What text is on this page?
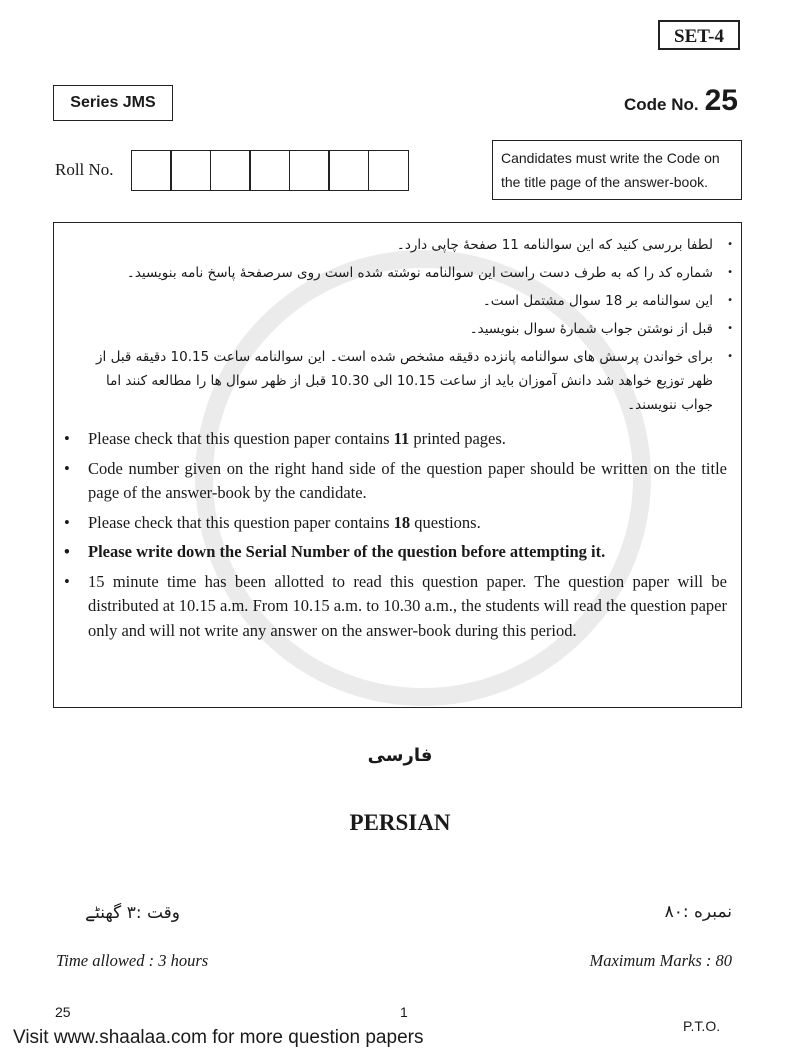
SET-4
Series JMS	Code No. 25
Roll No.
Candidates must write the Code on the title page of the answer-book.
لطفا بررسی کنید که این سوالنامه 11 صفحهٔ چاپی دارد۔ •
شماره کد را که به طرف دست راست این سوالنامه نوشته شده است روی سرصفحهٔ پاسخ نامه بنویسید۔ •
این سوالنامه بر 18 سوال مشتمل است۔ •
قبل از نوشتن جواب شمارهٔ سوال بنویسید۔ •
برای خواندن پرسش های سوالنامه پانزده دقیقه مشخص شده است۔ این سوالنامه ساعت 10.15 دقیقه قبل از ظهر توزیع خواهد شد دانش آموزان باید از ساعت 10.15 الی 10.30 قبل از ظهر سوال ها را مطالعه کنند اما جواب ننویسند۔ •
• Please check that this question paper contains 11 printed pages.
• Code number given on the right hand side of the question paper should be written on the title page of the answer-book by the candidate.
• Please check that this question paper contains 18 questions.
• Please write down the Serial Number of the question before attempting it.
• 15 minute time has been allotted to read this question paper. The question paper will be distributed at 10.15 a.m. From 10.15 a.m. to 10.30 a.m., the students will read the question paper only and will not write any answer on the answer-book during this period.
فارسی
PERSIAN
وقت :۳ گھنٹے	نمبره :۸۰
Time allowed : 3 hours	Maximum Marks : 80
25	1
Visit www.shaalaa.com for more question papers
P.T.O.
